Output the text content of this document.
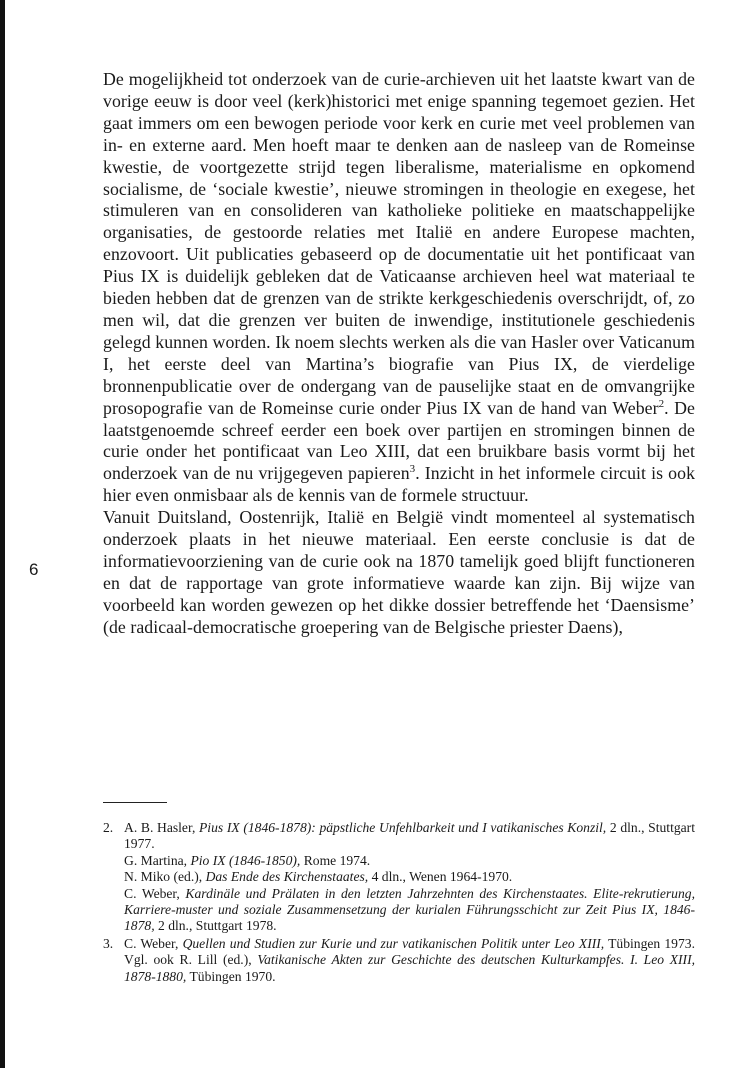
De mogelijkheid tot onderzoek van de curie-archieven uit het laatste kwart van de vorige eeuw is door veel (kerk)historici met enige spanning tegemoet gezien. Het gaat immers om een bewogen periode voor kerk en curie met veel problemen van in- en externe aard. Men hoeft maar te denken aan de nasleep van de Romeinse kwestie, de voortgezette strijd tegen liberalisme, materialisme en opkomend socialisme, de ‘sociale kwestie’, nieuwe stromingen in theologie en exegese, het stimuleren van en consolideren van katholieke politieke en maatschappelijke organisaties, de gestoorde relaties met Italië en andere Europese machten, enzovoort. Uit publicaties gebaseerd op de documentatie uit het pontificaat van Pius IX is duidelijk gebleken dat de Vaticaanse archieven heel wat materiaal te bieden hebben dat de grenzen van de strikte kerkgeschiedenis overschrijdt, of, zo men wil, dat die grenzen ver buiten de inwendige, institutionele geschiedenis gelegd kunnen worden. Ik noem slechts werken als die van Hasler over Vaticanum I, het eerste deel van Martina’s biografie van Pius IX, de vierdelige bronnenpublicatie over de ondergang van de pauselijke staat en de omvangrijke prosopografie van de Romeinse curie onder Pius IX van de hand van Weber$^2$. De laatstgenoemde schreef eerder een boek over partijen en stromingen binnen de curie onder het pontificaat van Leo XIII, dat een bruikbare basis vormt bij het onderzoek van de nu vrijgegeven papieren$^3$. Inzicht in het informele circuit is ook hier even onmisbaar als de kennis van de formele structuur.

Vanuit Duitsland, Oostenrijk, Italië en België vindt momenteel al systematisch onderzoek plaats in het nieuwe materiaal. Een eerste conclusie is dat de informatievoorziening van de curie ook na 1870 tamelijk goed blijft functioneren en dat de rapportage van grote informatieve waarde kan zijn. Bij wijze van voorbeeld kan worden gewezen op het dikke dossier betreffende het ‘Daensisme’ (de radicaal-democratische groepering van de Belgische priester Daens),

6
2. A. B. Hasler, Pius IX (1846-1878): päpstliche Unfehlbarkeit und I vatikanisches Konzil, 2 dln., Stuttgart 1977.
G. Martina, Pio IX (1846-1850), Rome 1974.
N. Miko (ed.), Das Ende des Kirchenstaates, 4 dln., Wenen 1964-1970.
C. Weber, Kardinäle und Prälaten in den letzten Jahrzehnten des Kirchenstaates. Elite-rekrutierung, Karriere-muster und soziale Zusammensetzung der kurialen Führungsschicht zur Zeit Pius IX, 1846-1878, 2 dln., Stuttgart 1978.
3. C. Weber, Quellen und Studien zur Kurie und zur vatikanischen Politik unter Leo XIII, Tübingen 1973. Vgl. ook R. Lill (ed.), Vatikanische Akten zur Geschichte des deutschen Kulturkampfes. I. Leo XIII, 1878-1880, Tübingen 1970.
